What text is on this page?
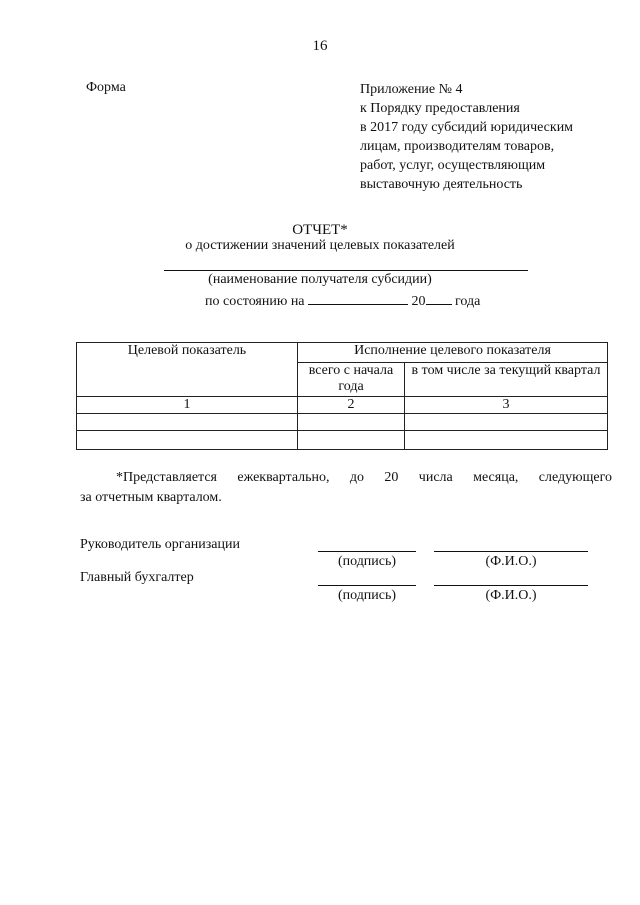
16
Форма	Приложение № 4
к Порядку предоставления
в 2017 году субсидий юридическим
лицам, производителям товаров,
работ, услуг, осуществляющим
выставочную деятельность
ОТЧЕТ*
о достижении значений целевых показателей
(наименование получателя субсидии)
по состоянию на	20 года
Целевой показатель	Исполнение целевого показателя	
	всего с начала года	в том числе за текущий квартал
1	2	3

*Представляется ежеквартально, до 20 числа месяца, следующего
за отчетным кварталом.
Руководитель организации
(подпись)	(Ф.И.О.)
Главный бухгалтер
(подпись)	(Ф.И.О.)
